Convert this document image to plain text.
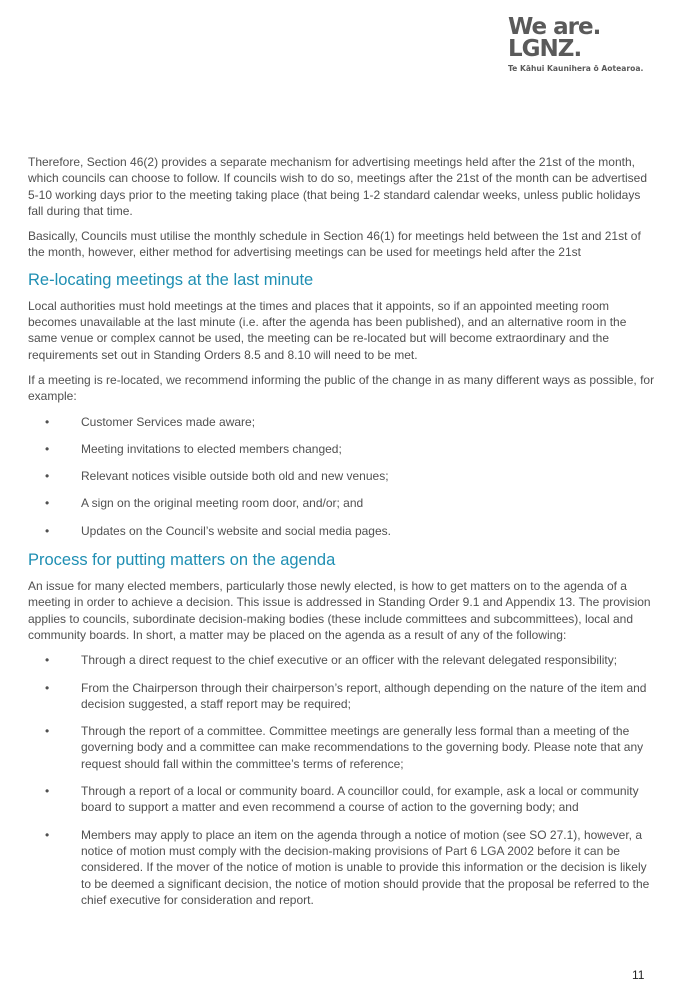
We are.
LGNZ.
Te Kāhui Kaunihera ō Aotearoa.

Therefore, Section 46(2) provides a separate mechanism for advertising meetings held after the 21st of the month, which councils can choose to follow. If councils wish to do so, meetings after the 21st of the month can be advertised 5-10 working days prior to the meeting taking place (that being 1-2 standard calendar weeks, unless public holidays fall during that time.

Basically, Councils must utilise the monthly schedule in Section 46(1) for meetings held between the 1st and 21st of the month, however, either method for advertising meetings can be used for meetings held after the 21st

Re-locating meetings at the last minute

Local authorities must hold meetings at the times and places that it appoints, so if an appointed meeting room becomes unavailable at the last minute (i.e. after the agenda has been published), and an alternative room in the same venue or complex cannot be used, the meeting can be re-located but will become extraordinary and the requirements set out in Standing Orders 8.5 and 8.10 will need to be met.

If a meeting is re-located, we recommend informing the public of the change in as many different ways as possible, for example:

•	Customer Services made aware;
•	Meeting invitations to elected members changed;
•	Relevant notices visible outside both old and new venues;
•	A sign on the original meeting room door, and/or; and
•	Updates on the Council’s website and social media pages.
Process for putting matters on the agenda

An issue for many elected members, particularly those newly elected, is how to get matters on to the agenda of a meeting in order to achieve a decision. This issue is addressed in Standing Order 9.1 and Appendix 13. The provision applies to councils, subordinate decision-making bodies (these include committees and subcommittees), local and community boards. In short, a matter may be placed on the agenda as a result of any of the following:

•	Through a direct request to the chief executive or an officer with the relevant delegated responsibility;
•	From the Chairperson through their chairperson’s report, although depending on the nature of the item and decision suggested, a staff report may be required;
•	Through the report of a committee. Committee meetings are generally less formal than a meeting of the governing body and a committee can make recommendations to the governing body. Please note that any request should fall within the committee’s terms of reference;
•	Through a report of a local or community board. A councillor could, for example, ask a local or community board to support a matter and even recommend a course of action to the governing body; and
•	Members may apply to place an item on the agenda through a notice of motion (see SO 27.1), however, a notice of motion must comply with the decision-making provisions of Part 6 LGA 2002 before it can be considered. If the mover of the notice of motion is unable to provide this information or the decision is likely to be deemed a significant decision, the notice of motion should provide that the proposal be referred to the chief executive for consideration and report.
11
